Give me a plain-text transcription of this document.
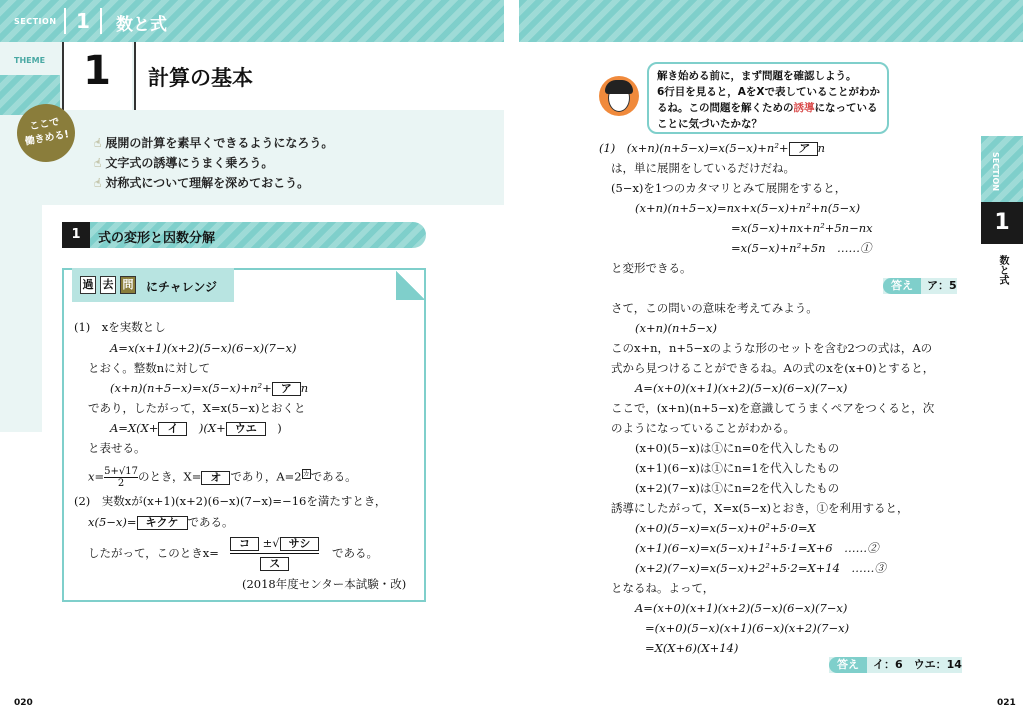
SECTION 1	数と式
THEME 1	計算の基本
ここで
働きめる!	☝ 展開の計算を素早くできるようになろう。
☝ 文字式の誘導にうまく乗ろう。
☝ 対称式について理解を深めておこう。
1	式の変形と因数分解
過 去 問 にチャレンジ
(1)　xを実数とし
A=x(x+1)(x+2)(5−x)(6−x)(7−x)
とおく。整数nに対して
(x+n)(n+5−x)=x(5−x)+n²+ ア n
であり，したがって，X=x(5−x)とおくと
A=X(X+ イ　)(X+ ウエ　)
と表せる。
$x= \frac{5+√17}{2}$ のとき，X= オ であり，$A=2^カ$である。
(2)　実数xが(x+1)(x+2)(6−x)(7−x)=−16を満たすとき，
x(5−x)= キクケ である。
したがって，このときx=
コ ±√ サシ
ス
である。
(2018年度センター本試験・改)
020
解き始める前に，まず問題を確認しよう。
6行目を見ると，AをXで表していることがわか
るね。この問題を解くための誘導になっている
ことに気づいたかな？
SECTION
1
数と式
(1)　(x+n)(n+5−x)=x(5−x)+n²+ ア n
は，単に展開をしているだけだね。
(5−x)を1つのカタマリとみて展開をすると，
(x+n)(n+5−x)=nx+x(5−x)+n²+n(5−x)
=x(5−x)+nx+n²+5n−nx
=x(5−x)+n²+5n　……①
と変形できる。
答え ア：5
さて，この問いの意味を考えてみよう。
(x+n)(n+5−x)
このx+n，n+5−xのような形のセットを含む2つの式は，Aの
式から見つけることができるね。Aの式のxを(x+0)とすると，
A=(x+0)(x+1)(x+2)(5−x)(6−x)(7−x)
ここで，(x+n)(n+5−x)を意識してうまくペアをつくると，次
のようになっていることがわかる。
(x+0)(5−x)は①にn=0を代入したもの
(x+1)(6−x)は①にn=1を代入したもの
(x+2)(7−x)は①にn=2を代入したもの
誘導にしたがって，X=x(5−x)とおき，①を利用すると，
(x+0)(5−x)=x(5−x)+0²+5·0=X
(x+1)(6−x)=x(5−x)+1²+5·1=X+6　……②
(x+2)(7−x)=x(5−x)+2²+5·2=X+14　……③
となるね。よって，
A=(x+0)(x+1)(x+2)(5−x)(6−x)(7−x)
=(x+0)(5−x)(x+1)(6−x)(x+2)(7−x)
=X(X+6)(X+14)
答え イ：6　ウエ：14
021
